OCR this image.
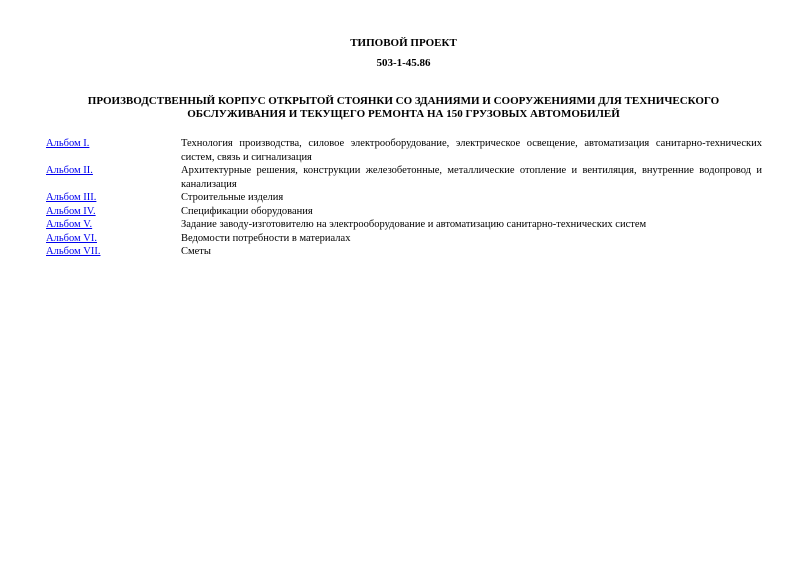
ТИПОВОЙ ПРОЕКТ

503-1-45.86

ПРОИЗВОДСТВЕННЫЙ КОРПУС ОТКРЫТОЙ СТОЯНКИ СО ЗДАНИЯМИ И СООРУЖЕНИЯМИ ДЛЯ ТЕХНИЧЕСКОГО ОБСЛУЖИВАНИЯ И ТЕКУЩЕГО РЕМОНТА НА 150 ГРУЗОВЫХ АВТОМОБИЛЕЙ

Альбом I.	Технология производства, силовое электрооборудование, электрическое освещение, автоматизация санитарно-технических систем, связь и сигнализация
Альбом II.	Архитектурные решения, конструкции железобетонные, металлические отопление и вентиляция, внутренние водопровод и канализация
Альбом III.	Строительные изделия
Альбом IV.	Спецификации оборудования
Альбом V.	Задание заводу-изготовителю на электрооборудование и автоматизацию санитарно-технических систем
Альбом VI.	Ведомости потребности в материалах
Альбом VII.	Сметы
